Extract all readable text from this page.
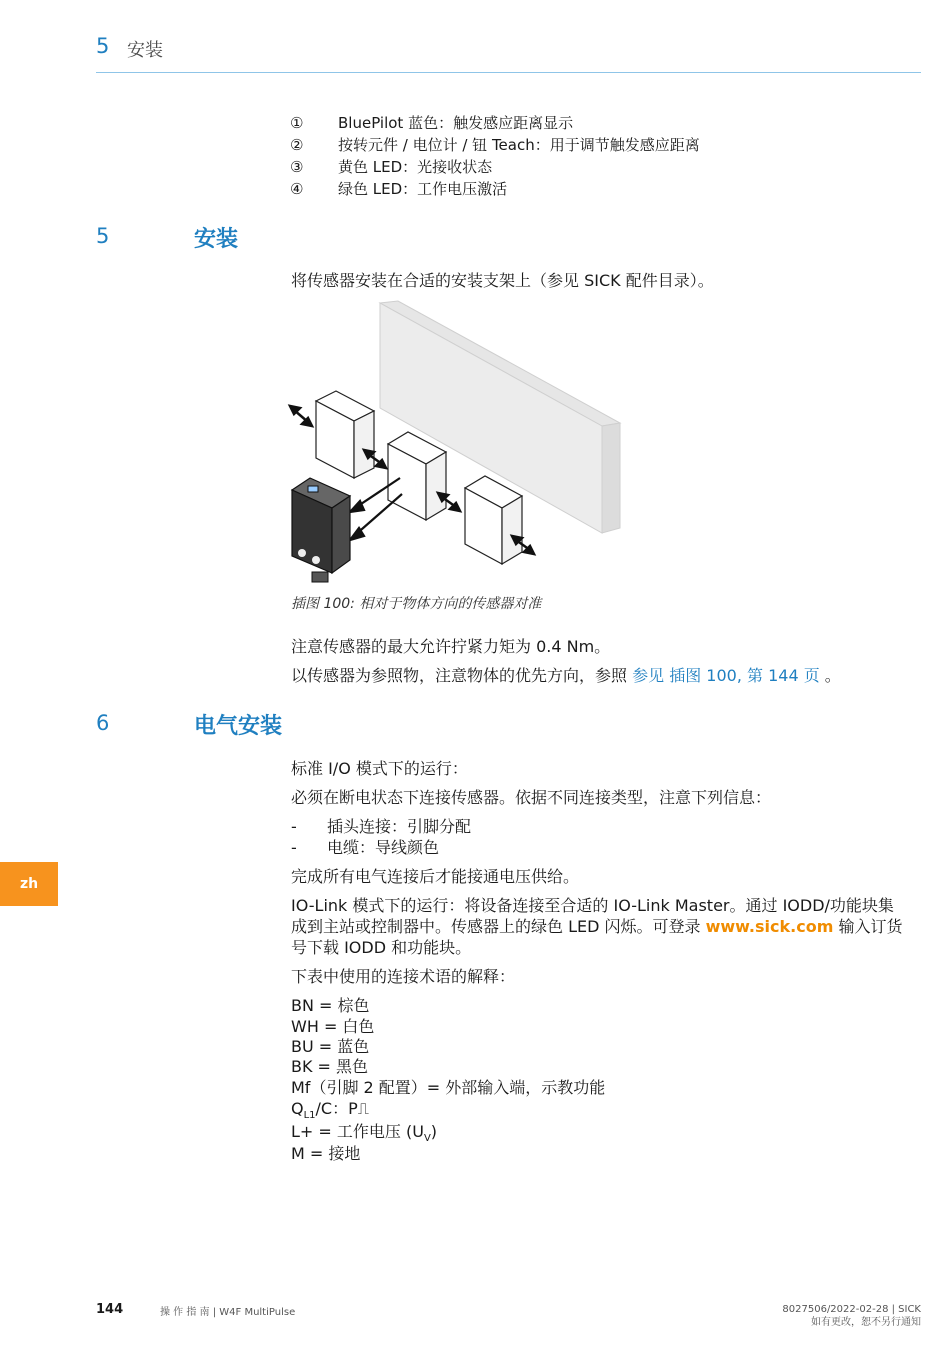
5 安装
① BluePilot 蓝色：触发感应距离显示
② 按转元件 / 电位计 / 钮 Teach：用于调节触发感应距离
③ 黄色 LED：光接收状态
④ 绿色 LED：工作电压激活
5	安装
将传感器安装在合适的安装支架上（参见 SICK 配件目录）。
插图 100: 相对于物体方向的传感器对准
注意传感器的最大允许拧紧力矩为 0.4 Nm。
以传感器为参照物，注意物体的优先方向，参照 参见 插图 100, 第 144 页 。
6	电气安装
标准 I/O 模式下的运行：
必须在断电状态下连接传感器。依据不同连接类型，注意下列信息：
- 插头连接：引脚分配
- 电缆：导线颜色
完成所有电气连接后才能接通电压供给。
IO-Link 模式下的运行：将设备连接至合适的 IO-Link Master。通过 IODD/功能块集
成到主站或控制器中。传感器上的绿色 LED 闪烁。可登录 www.sick.com 输入订货
号下载 IODD 和功能块。
下表中使用的连接术语的解释：
BN = 棕色
WH = 白色
BU = 蓝色
BK = 黑色
Mf（引脚 2 配置）= 外部输入端，示教功能
$Q_{L1}/C$：P⎍
L+ = 工作电压 $(U_V)$
M = 接地
zh
144	操 作 指 南 | W4F MultiPulse	8027506/2022-02-28 | SICK
如有更改，恕不另行通知
